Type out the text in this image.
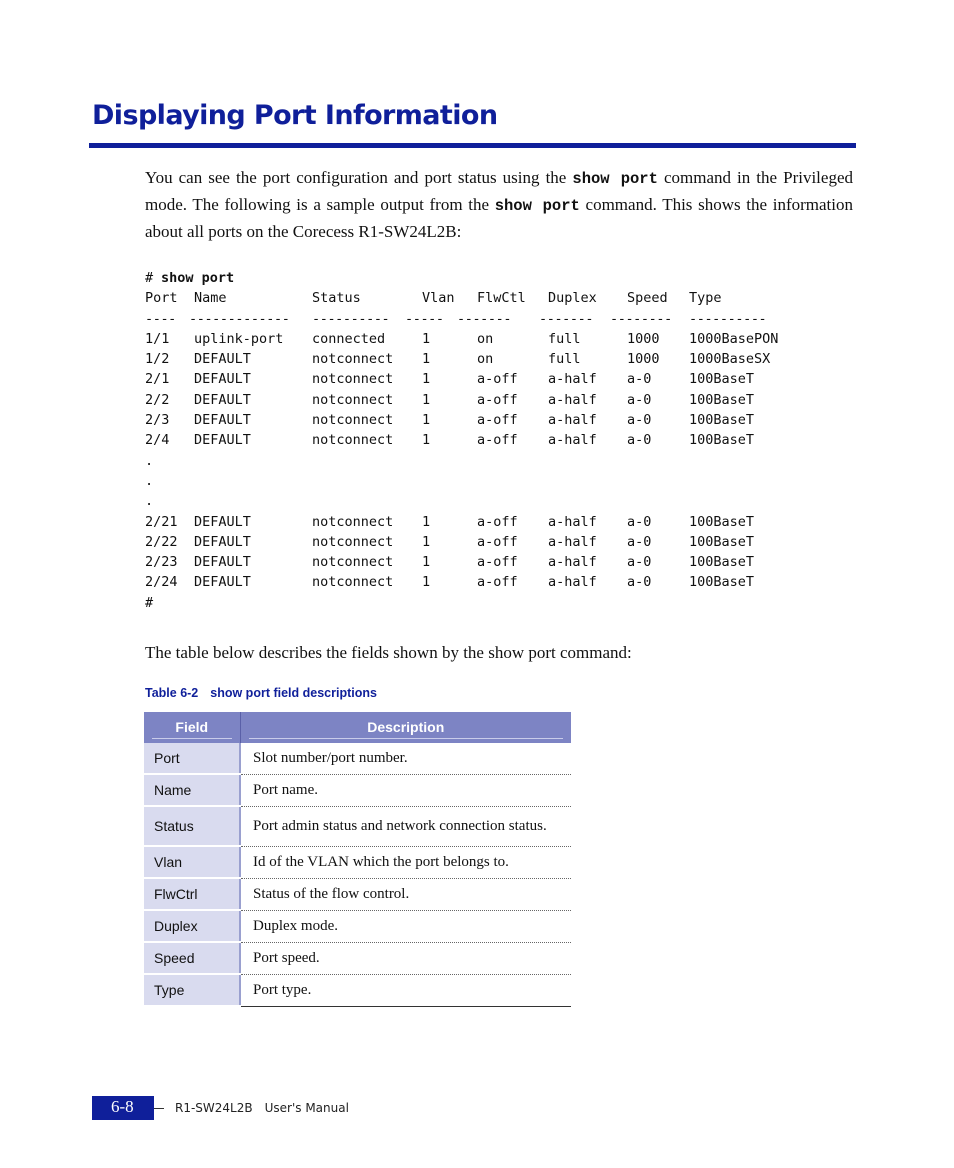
Displaying Port Information

You can see the port configuration and port status using the show port command in the Privileged mode. The following is a sample output from the show port command. This shows the information about all ports on the Corecess R1-SW24L2B:

# show port
Port Name	Status	Vlan FlwCtl Duplex Speed Type
---- ------------- ---------- ----- ------- ------- -------- ----------
1/1 uplink-port connected	1	on	full	1000 1000BasePON
1/2 DEFAULT	notconnect 1	on	full	1000 1000BaseSX
2/1 DEFAULT	notconnect 1	a-off a-half a-0	100BaseT
2/2 DEFAULT	notconnect 1	a-off a-half a-0	100BaseT
2/3 DEFAULT	notconnect 1	a-off a-half a-0	100BaseT
2/4 DEFAULT	notconnect 1	a-off a-half a-0	100BaseT
.
.
.
2/21 DEFAULT	notconnect 1	a-off a-half a-0	100BaseT
2/22 DEFAULT	notconnect 1	a-off a-half a-0	100BaseT
2/23 DEFAULT	notconnect 1	a-off a-half a-0	100BaseT
2/24 DEFAULT	notconnect 1	a-off a-half a-0	100BaseT
#

The table below describes the fields shown by the show port command:

Table 6-2 show port field descriptions

Field	Description

Port	Slot number/port number.
Name	Port name.
Status	Port admin status and network connection status.
Vlan	Id of the VLAN which the port belongs to.
FlwCtrl	Status of the flow control.
Duplex	Duplex mode.
Speed	Port speed.
Type	Port type.
6-8	R1-SW24L2B User's Manual
